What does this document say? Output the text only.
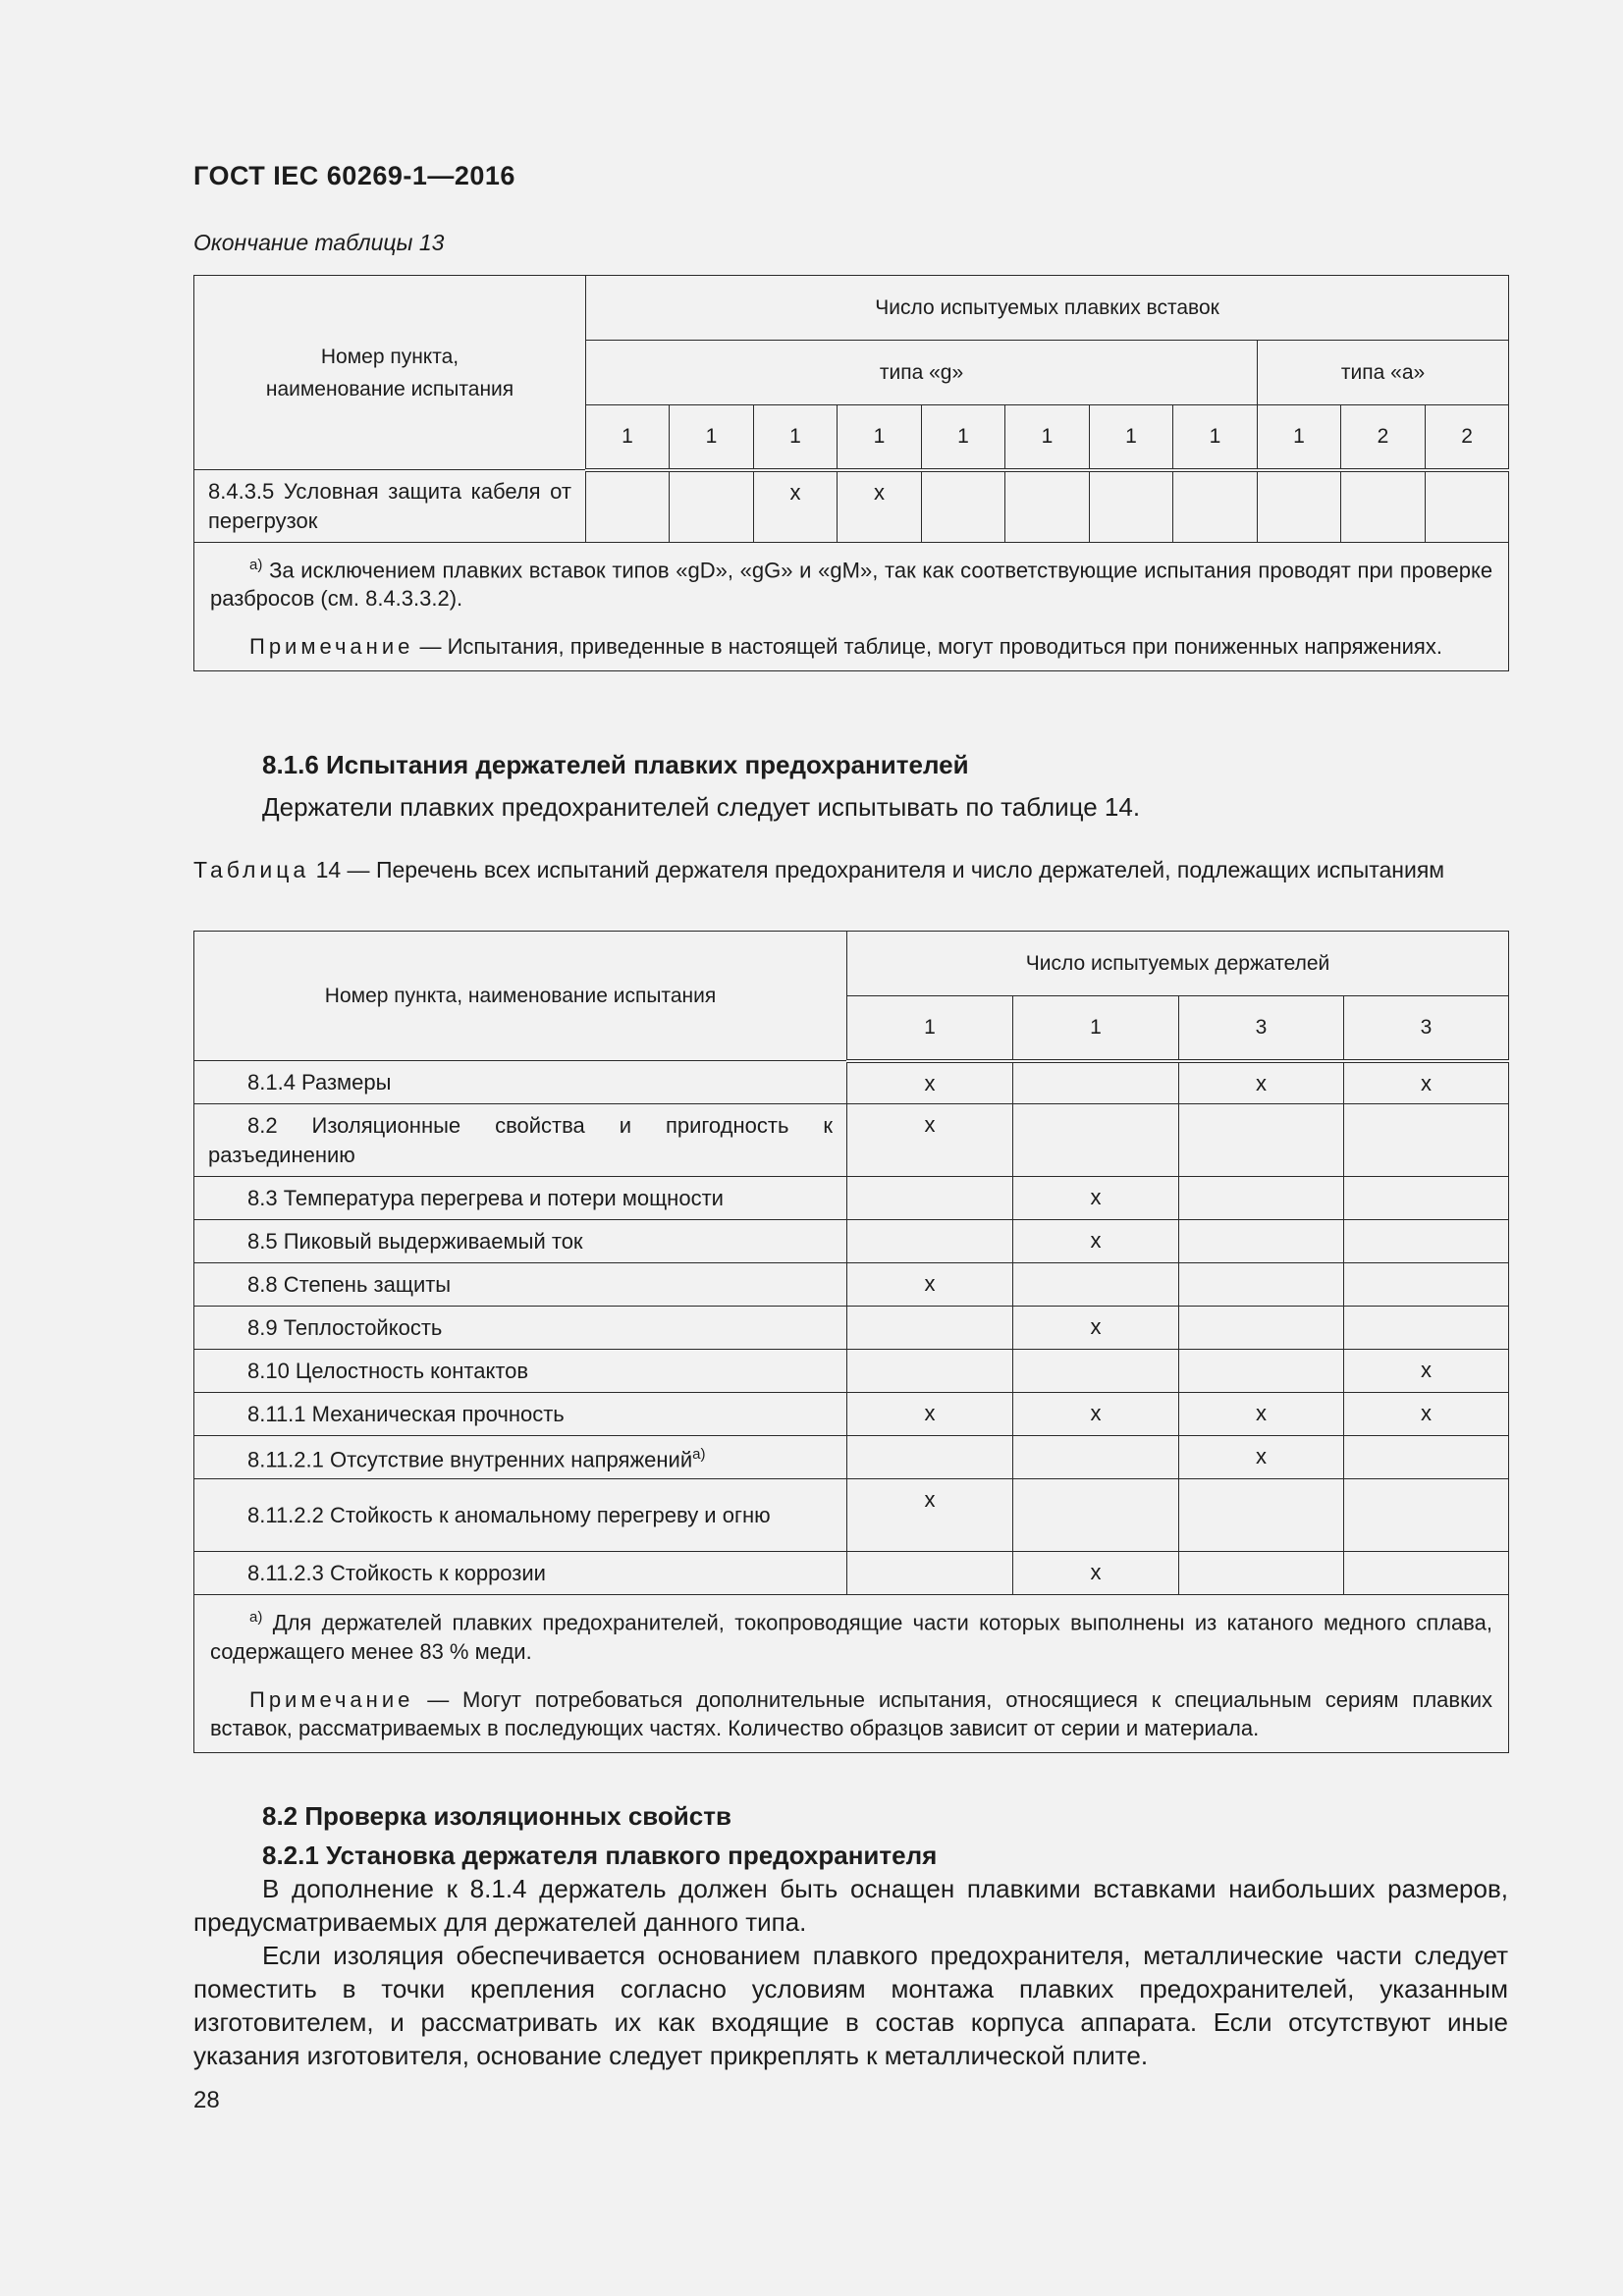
ГОСТ IEC 60269-1—2016
Окончание таблицы 13
Номер пункта,
наименование испытания	Число испытуемых плавких вставок										
	типа «g»								типа «a»		
	1	1	1	1	1	1	1	1	1	2	2
8.4.3.5 Условная защита кабеля от перегрузок			x	x							

$^{a)}$ За исключением плавких вставок типов «gD», «gG» и «gM», так как соответствующие испытания проводят при проверке разбросов (см. 8.4.3.3.2).

Примечание — Испытания, приведенные в настоящей таблице, могут проводиться при пониженных напряжениях.											

8.1.6 Испытания держателей плавких предохранителей
Держатели плавких предохранителей следует испытывать по таблице 14.
Таблица 14 — Перечень всех испытаний держателя предохранителя и число держателей, подлежащих испытаниям
Номер пункта, наименование испытания	Число испытуемых держателей			
	1	1	3	3
8.1.4 Размеры	x		x	x
8.2 Изоляционные свойства и пригодность к разъединению	x			
8.3 Температура перегрева и потери мощности		x		
8.5 Пиковый выдерживаемый ток		x		
8.8 Степень защиты	x			
8.9 Теплостойкость		x		
8.10 Целостность контактов				x
8.11.1 Механическая прочность	x	x	x	x
8.11.2.1 Отсутствие внутренних напряжений$^{a)}$			x	
8.11.2.2 Стойкость к аномальному перегреву и огню	x			
8.11.2.3 Стойкость к коррозии		x		

$^{a)}$ Для держателей плавких предохранителей, токопроводящие части которых выполнены из катаного медного сплава, содержащего менее 83 % меди.

Примечание — Могут потребоваться дополнительные испытания, относящиеся к специальным сериям плавких вставок, рассматриваемых в последующих частях. Количество образцов зависит от серии и материала.				

8.2 Проверка изоляционных свойств
8.2.1 Установка держателя плавкого предохранителя

В дополнение к 8.1.4 держатель должен быть оснащен плавкими вставками наибольших размеров, предусматриваемых для держателей данного типа.

Если изоляция обеспечивается основанием плавкого предохранителя, металлические части следует поместить в точки крепления согласно условиям монтажа плавких предохранителей, указанным изготовителем, и рассматривать их как входящие в состав корпуса аппарата. Если отсутствуют иные указания изготовителя, основание следует прикреплять к металлической плите.

28
